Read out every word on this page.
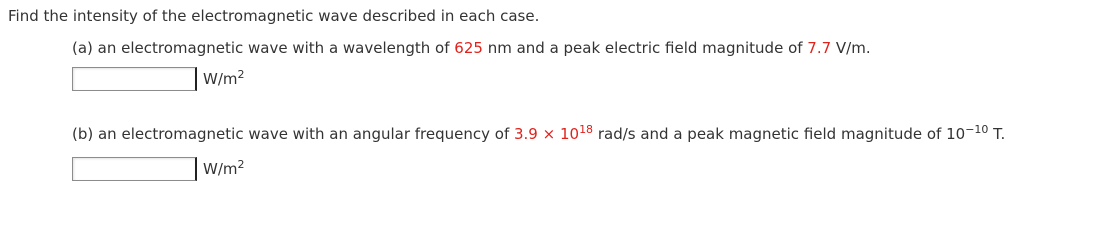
Find the intensity of the electromagnetic wave described in each case.
(a) an electromagnetic wave with a wavelength of 625 nm and a peak electric field magnitude of 7.7 V/m.
$W/m^2$
(b) an electromagnetic wave with an angular frequency of $3.9 \times 10^{18}$ rad/s and a peak magnetic field magnitude of $10^{-10}$ T.
$W/m^2$
